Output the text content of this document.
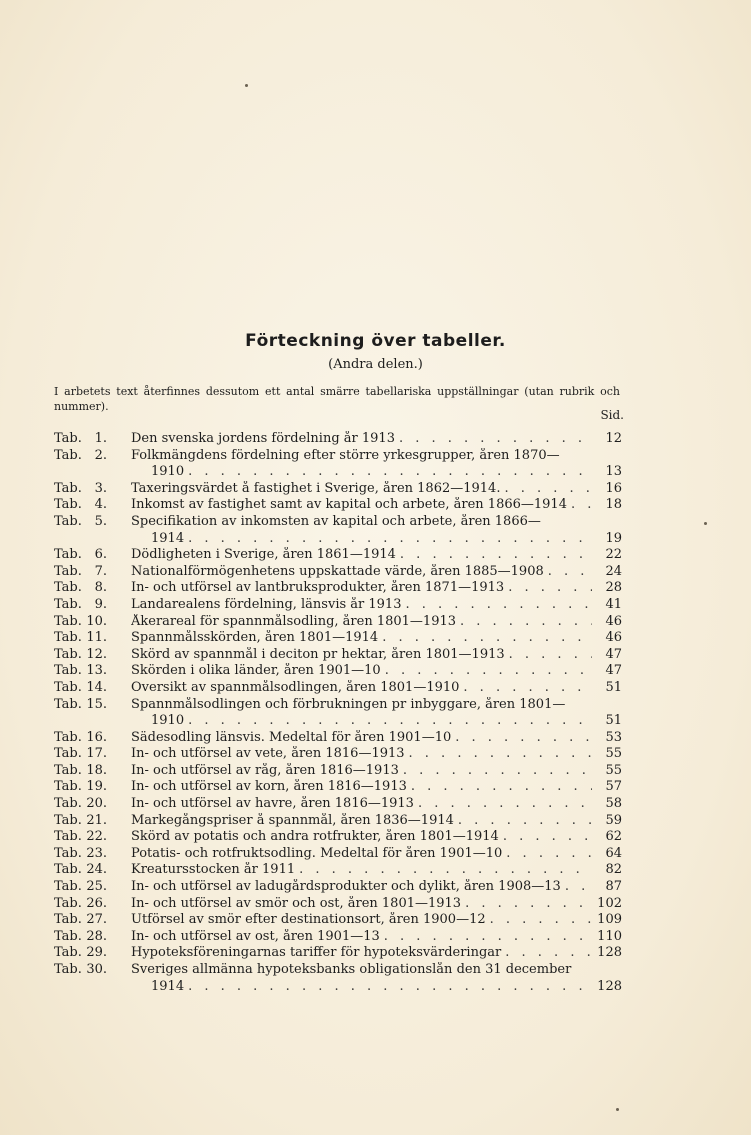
Förteckning över tabeller.

(Andra delen.)

I arbetets text återfinnes dessutom ett antal smärre tabellariska uppställningar (utan rubrik och nummer).

Sid.
Tab. 1. Den svenska jordens fördelning år 1913 . . .	12
Tab. 2. Folkmängdens fördelning efter större yrkesgrupper, åren 1870—
1910 . . .	13
Tab. 3. Taxeringsvärdet å fastighet i Sverige, åren 1862—1914. . . .	16
Tab. 4. Inkomst av fastighet samt av kapital och arbete, åren 1866—1914 . . .	18
Tab. 5. Specifikation av inkomsten av kapital och arbete, åren 1866—
1914 . . .	19
Tab. 6. Dödligheten i Sverige, åren 1861—1914 . . .	22
Tab. 7. Nationalförmögenhetens uppskattade värde, åren 1885—1908 . . .	24
Tab. 8. In- och utförsel av lantbruksprodukter, åren 1871—1913 . . .	28
Tab. 9. Landarealens fördelning, länsvis år 1913 . . .	41
Tab. 10. Åkerareal för spannmålsodling, åren 1801—1913 . . .	46
Tab. 11. Spannmålsskörden, åren 1801—1914 . . .	46
Tab. 12. Skörd av spannmål i deciton pr hektar, åren 1801—1913 . . .	47
Tab. 13. Skörden i olika länder, åren 1901—10 . . .	47
Tab. 14. Översikt av spannmålsodlingen, åren 1801—1910 . . .	51
Tab. 15. Spannmålsodlingen och förbrukningen pr inbyggare, åren 1801—
1910 . . .	51
Tab. 16. Sädesodling länsvis. Medeltal för åren 1901—10 . . .	53
Tab. 17. In- och utförsel av vete, åren 1816—1913 . . .	55
Tab. 18. In- och utförsel av råg, åren 1816—1913 . . .	55
Tab. 19. In- och utförsel av korn, åren 1816—1913 . . .	57
Tab. 20. In- och utförsel av havre, åren 1816—1913 . . .	58
Tab. 21. Markegångspriser å spannmål, åren 1836—1914 . . .	59
Tab. 22. Skörd av potatis och andra rotfrukter, åren 1801—1914 . . .	62
Tab. 23. Potatis- och rotfruktsodling. Medeltal för åren 1901—10 . . .	64
Tab. 24. Kreatursstocken år 1911 . . .	82
Tab. 25. In- och utförsel av ladugårdsprodukter och dylikt, åren 1908—13 . . .	87
Tab. 26. In- och utförsel av smör och ost, åren 1801—1913 . . .	102
Tab. 27. Utförsel av smör efter destinationsort, åren 1900—12 . . .	109
Tab. 28. In- och utförsel av ost, åren 1901—13 . . .	110
Tab. 29. Hypoteksföreningarnas tariffer för hypoteksvärderingar . . .	128
Tab. 30. Sveriges allmänna hypoteksbanks obligationslån den 31 december
1914 . . .	128
